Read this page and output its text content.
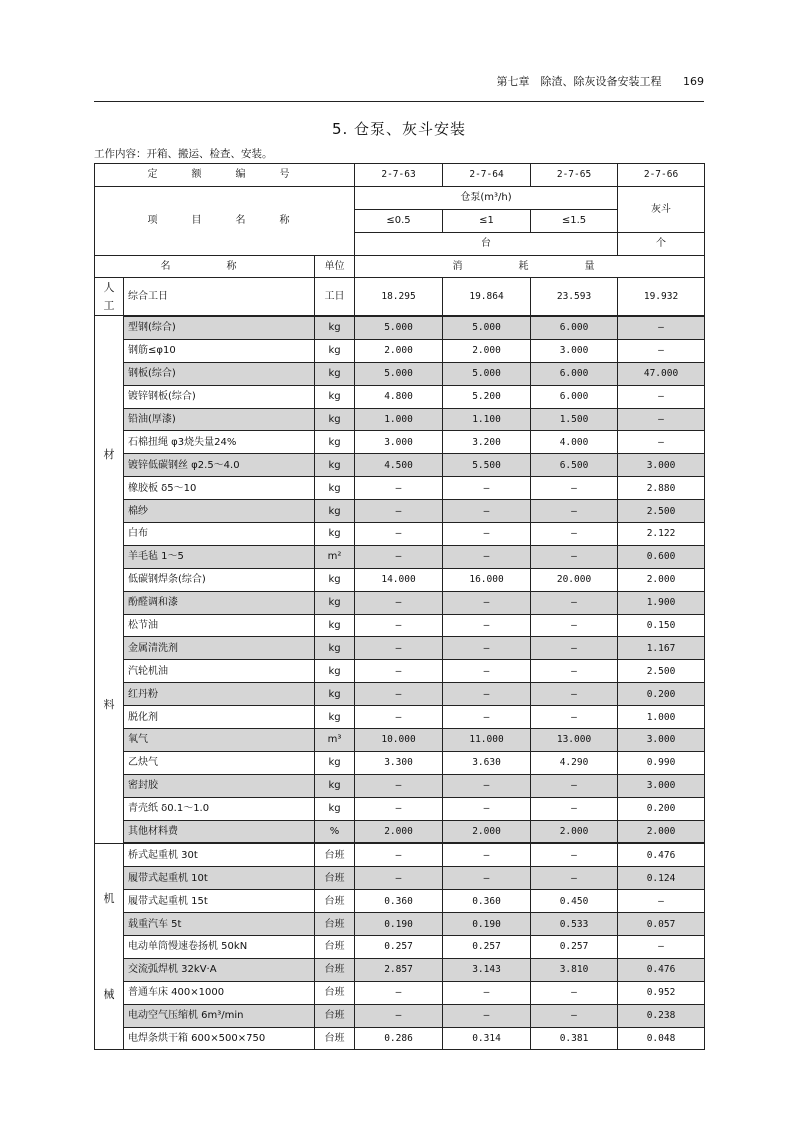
第七章　除渣、除灰设备安装工程 169
5. 仓泵、灰斗安装
工作内容：开箱、搬运、检查、安装。
定　额　编　号			2-7-63	2-7-64	2-7-65	2-7-66
项　目　名　称			仓泵(m³/h)			灰斗
			≤0.5	≤1	≤1.5	
			台			个
名　　称		单位	消　　耗　　量			

人
工	综合工日	工日	18.295	19.864	23.593	19.932

材
料	型钢(综合)	kg	5.000	5.000	6.000	—
	钢筋≤φ10	kg	2.000	2.000	3.000	—
	钢板(综合)	kg	5.000	5.000	6.000	47.000
	镀锌钢板(综合)	kg	4.800	5.200	6.000	—
	铅油(厚漆)	kg	1.000	1.100	1.500	—
	石棉扭绳 φ3烧失量24%	kg	3.000	3.200	4.000	—
	镀锌低碳钢丝 φ2.5～4.0	kg	4.500	5.500	6.500	3.000
	橡胶板 δ5～10	kg	—	—	—	2.880
	棉纱	kg	—	—	—	2.500
	白布	kg	—	—	—	2.122
	羊毛毡 1～5	m²	—	—	—	0.600
	低碳钢焊条(综合)	kg	14.000	16.000	20.000	2.000
	酚醛调和漆	kg	—	—	—	1.900
	松节油	kg	—	—	—	0.150
	金属清洗剂	kg	—	—	—	1.167
	汽轮机油	kg	—	—	—	2.500
	红丹粉	kg	—	—	—	0.200
	脱化剂	kg	—	—	—	1.000
	氧气	m³	10.000	11.000	13.000	3.000
	乙炔气	kg	3.300	3.630	4.290	0.990
	密封胶	kg	—	—	—	3.000
	青壳纸 δ0.1～1.0	kg	—	—	—	0.200
	其他材料费	%	2.000	2.000	2.000	2.000

机
械	桥式起重机 30t	台班	—	—	—	0.476
	履带式起重机 10t	台班	—	—	—	0.124
	履带式起重机 15t	台班	0.360	0.360	0.450	—
	载重汽车 5t	台班	0.190	0.190	0.533	0.057
	电动单筒慢速卷扬机 50kN	台班	0.257	0.257	0.257	—
	交流弧焊机 32kV·A	台班	2.857	3.143	3.810	0.476
	普通车床 400×1000	台班	—	—	—	0.952
	电动空气压缩机 6m³/min	台班	—	—	—	0.238
	电焊条烘干箱 600×500×750	台班	0.286	0.314	0.381	0.048
